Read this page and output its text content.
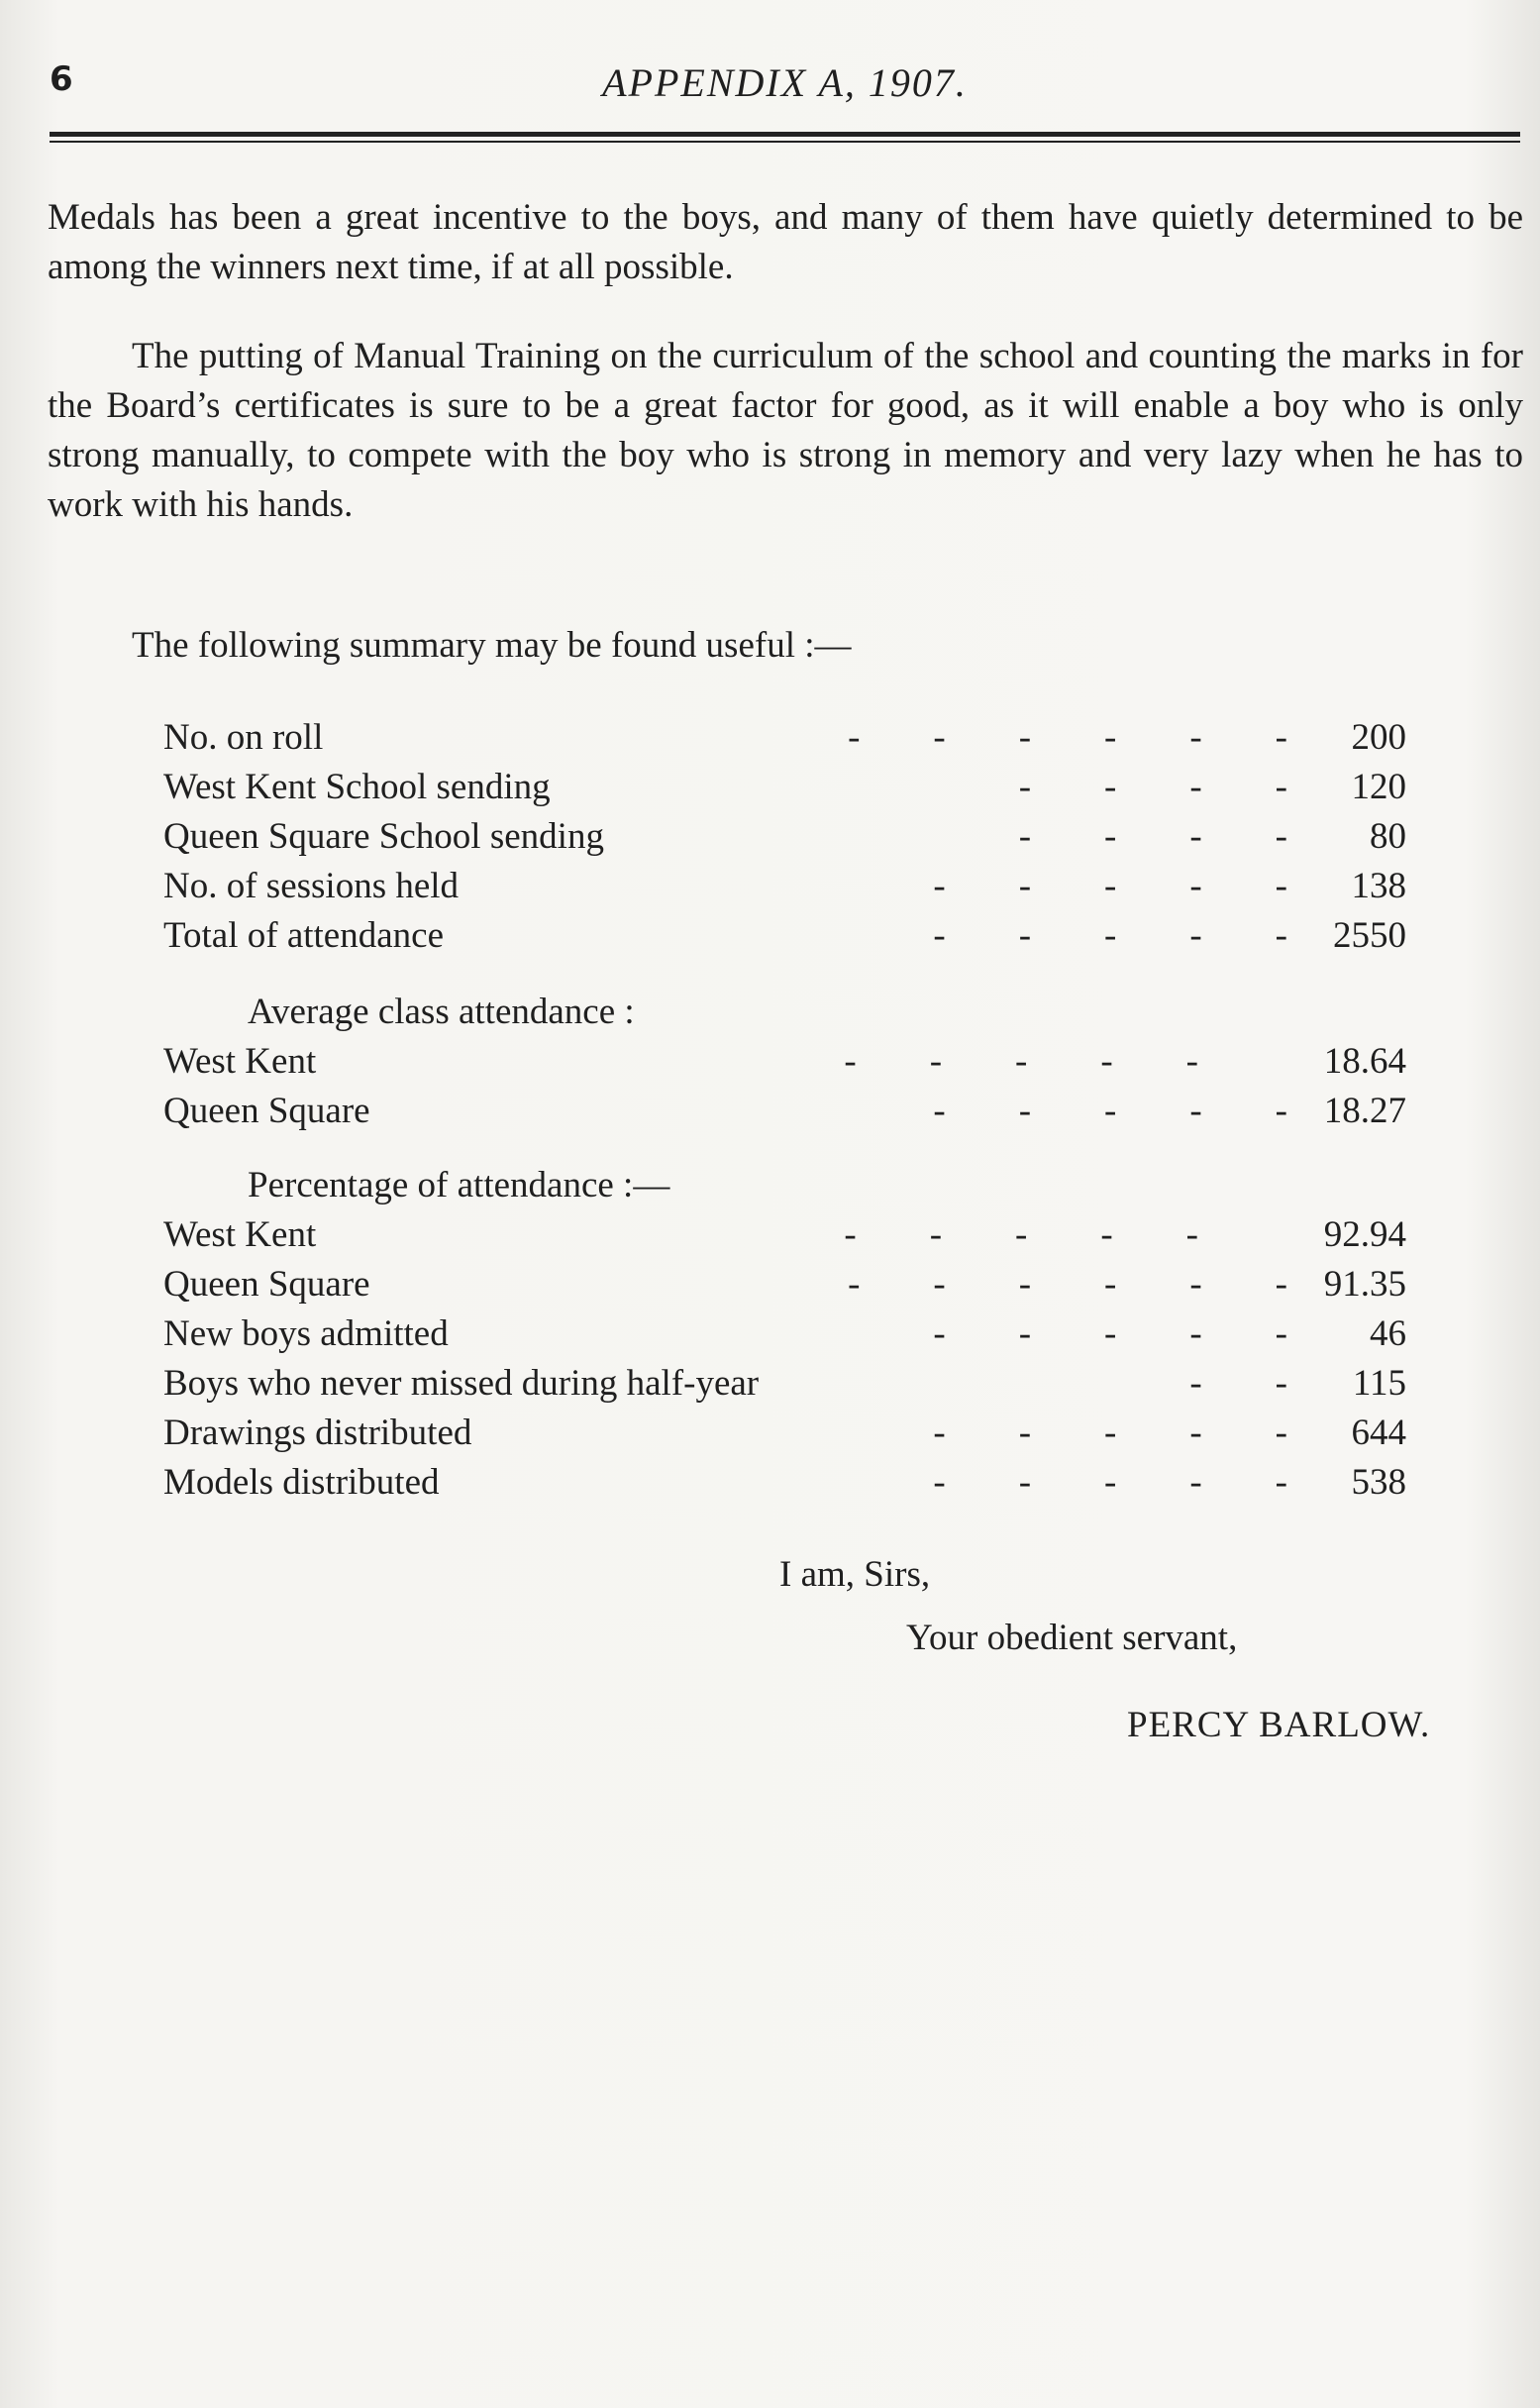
6	APPENDIX A, 1907.

Medals has been a great incentive to the boys, and many of them have quietly determined to be among the winners next time, if at all possible.

The putting of Manual Training on the curriculum of the school and counting the marks in for the Board’s certificates is sure to be a great factor for good, as it will enable a boy who is only strong manually, to compete with the boy who is strong in memory and very lazy when he has to work with his hands.

The following summary may be found useful :—

No. on roll	-        -        -        -        -        -	200
West Kent School sending	-        -        -        -	120
Queen Square School sending	-        -        -        -	80
No. of sessions held	-        -        -        -        -	138
Total of attendance	-        -        -        -        -	2550
Average class attendance :
West Kent	-        -        -        -        -	18.64
Queen Square	-        -        -        -        - 18.27
Percentage of attendance :—
West Kent	-        -        -        -        -	92.94
Queen Square	-        -        -        -        -        - 91.35
New boys admitted	-        -        -        -        -	46
Boys who never missed during half-year	-        -	115
Drawings distributed	-        -        -        -        -	644
Models distributed	-        -        -        -        -	538
I am, Sirs,
Your obedient servant,
PERCY BARLOW.
